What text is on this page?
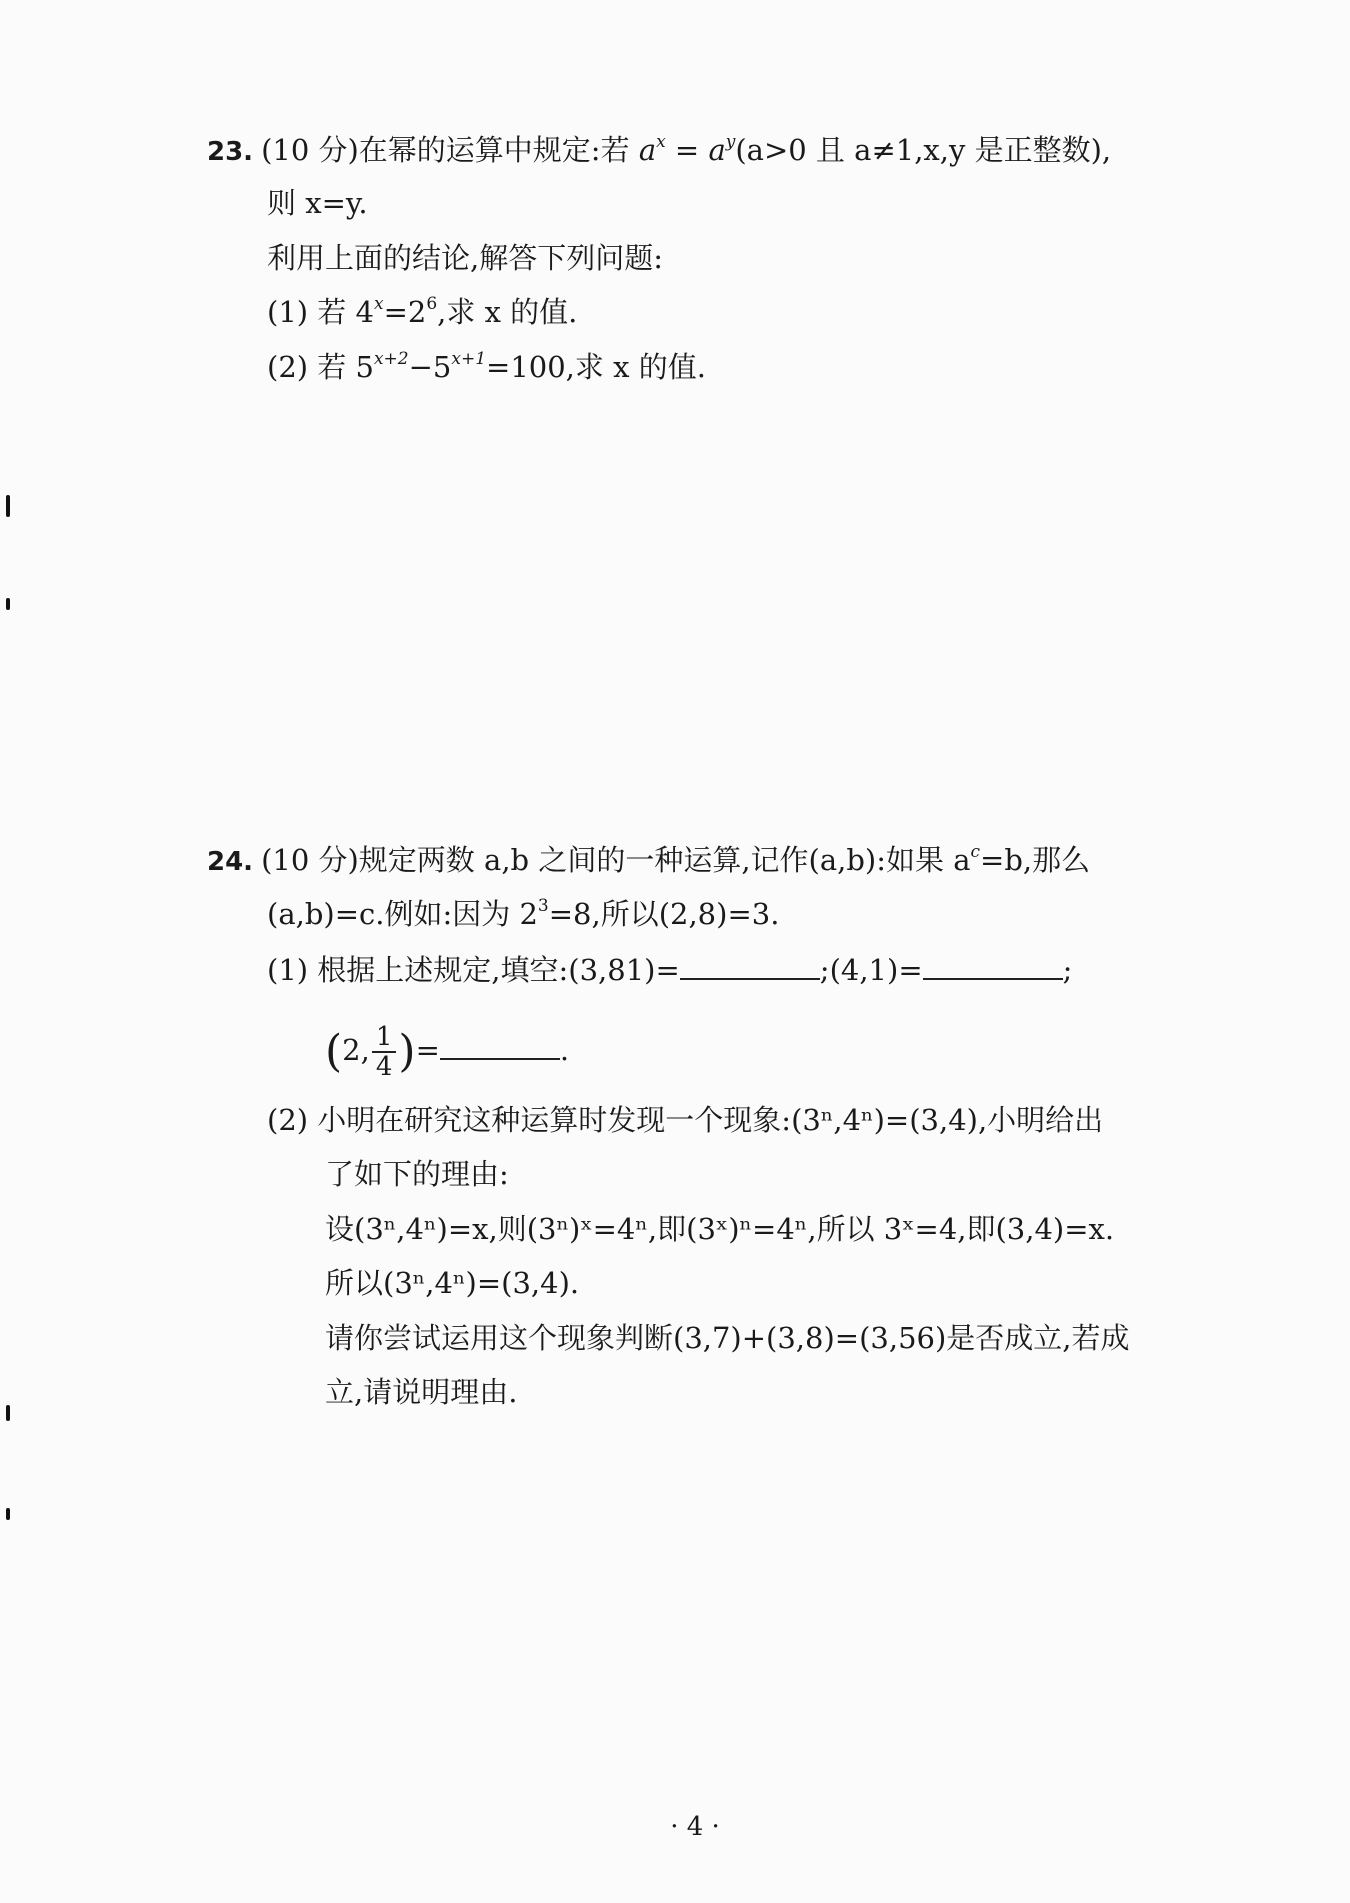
23. (10 分)在幂的运算中规定:若 $a^x = a^y(a>0$ 且 a≠1,x,y 是正整数),
则 x=y.
利用上面的结论,解答下列问题:
(1) 若 $4^x=2^6$,求 x 的值.
(2) 若 $5^{x+2}-5^{x+1}=100$,求 x 的值.
24. (10 分)规定两数 a,b 之间的一种运算,记作(a,b):如果 $a^c=b$,那么
(a,b)=c.例如:因为 $2^3=8$,所以(2,8)=3.
(1) 根据上述规定,填空:(3,81)=	;(4,1)=	;
(2, $\frac{1}{4}$ )=	.
(2) 小明在研究这种运算时发现一个现象:(3ⁿ,4ⁿ)=(3,4),小明给出
了如下的理由:
设(3ⁿ,4ⁿ)=x,则(3ⁿ)ˣ=4ⁿ,即(3ˣ)ⁿ=4ⁿ,所以 3ˣ=4,即(3,4)=x.
所以(3ⁿ,4ⁿ)=(3,4).
请你尝试运用这个现象判断(3,7)+(3,8)=(3,56)是否成立,若成
立,请说明理由.
· 4 ·
